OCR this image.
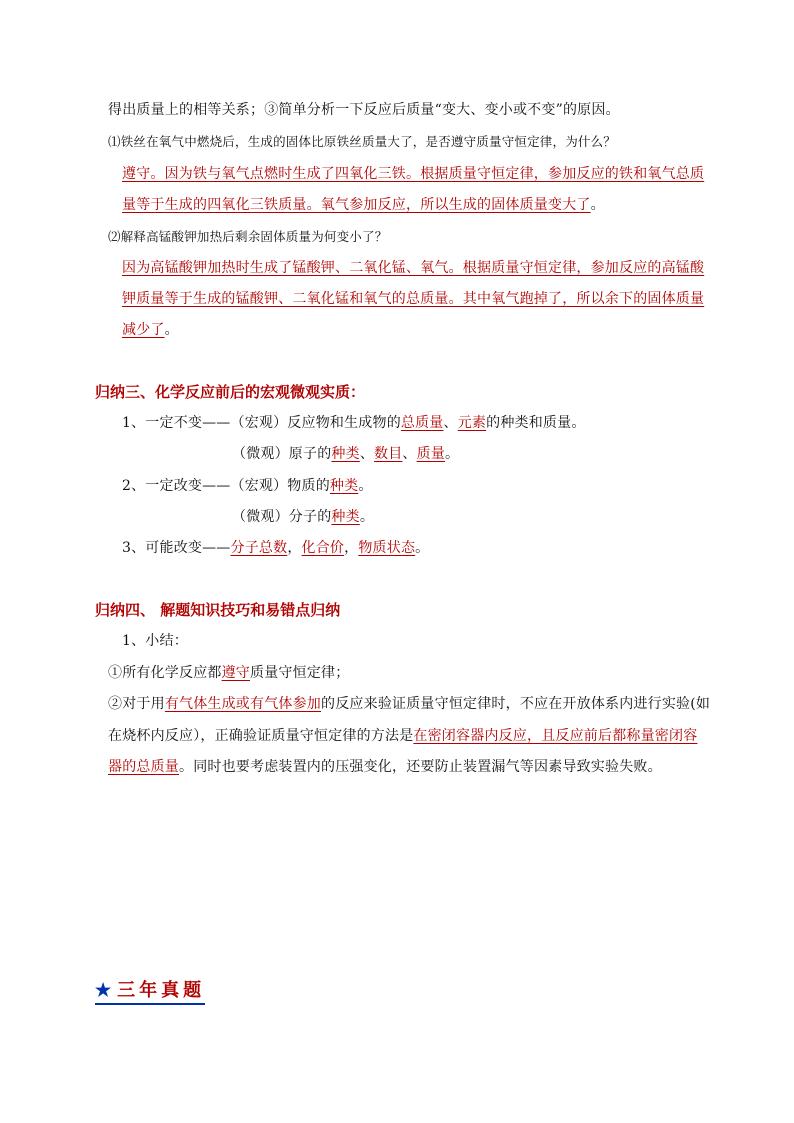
得出质量上的相等关系；③简单分析一下反应后质量“变大、变小或不变”的原因。
⑴铁丝在氧气中燃烧后，生成的固体比原铁丝质量大了，是否遵守质量守恒定律，为什么？
遵守。因为铁与氧气点燃时生成了四氧化三铁。根据质量守恒定律，参加反应的铁和氧气总质
量等于生成的四氧化三铁质量。氧气参加反应，所以生成的固体质量变大了。
⑵解释高锰酸钾加热后剩余固体质量为何变小了？
因为高锰酸钾加热时生成了锰酸钾、二氧化锰、氧气。根据质量守恒定律，参加反应的高锰酸
钾质量等于生成的锰酸钾、二氧化锰和氧气的总质量。其中氧气跑掉了，所以余下的固体质量
减少了。
归纳三、化学反应前后的宏观微观实质：
1、一定不变——（宏观）反应物和生成物的总质量、元素的种类和质量。
（微观）原子的种类、数目、质量。
2、一定改变——（宏观）物质的种类。
（微观）分子的种类。
3、可能改变——分子总数，化合价，物质状态。
归纳四、 解题知识技巧和易错点归纳
1、小结：
①所有化学反应都遵守质量守恒定律；
②对于用有气体生成或有气体参加的反应来验证质量守恒定律时，不应在开放体系内进行实验(如
在烧杯内反应），正确验证质量守恒定律的方法是在密闭容器内反应，且反应前后都称量密闭容
器的总质量。同时也要考虑装置内的压强变化，还要防止装置漏气等因素导致实验失败。
★ 三年真题
